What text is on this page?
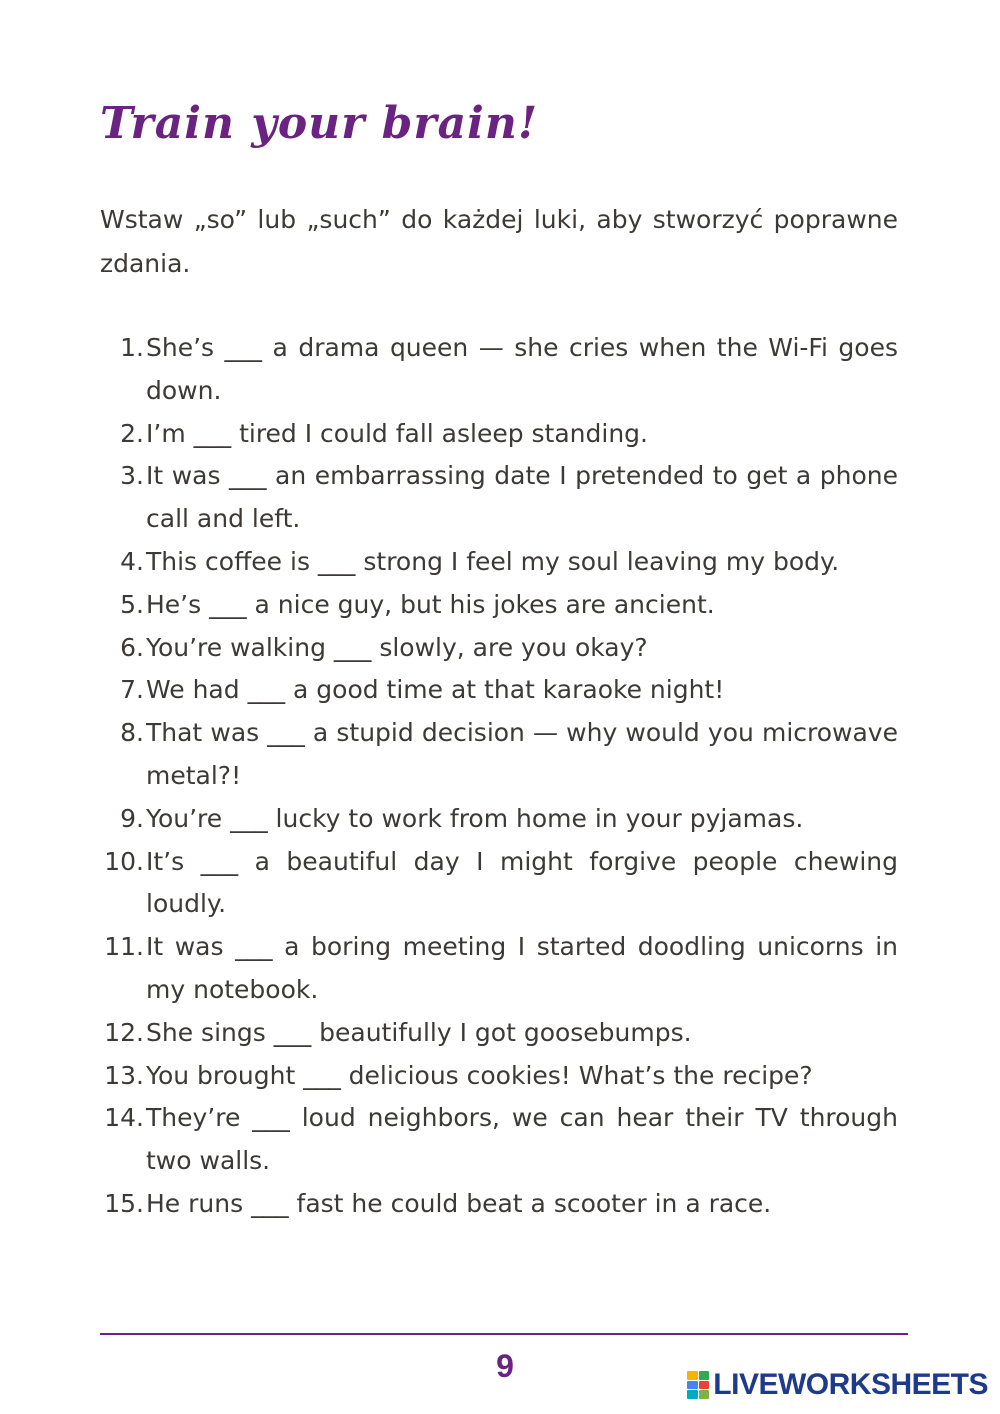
Train your brain!

Wstaw „so” lub „such” do każdej luki, aby stworzyć poprawne zdania.

1. She’s ___ a drama queen — she cries when the Wi-Fi goes down.
2. I’m ___ tired I could fall asleep standing.
3. It was ___ an embarrassing date I pretended to get a phone call and left.
4. This coffee is ___ strong I feel my soul leaving my body.
5. He’s ___ a nice guy, but his jokes are ancient.
6. You’re walking ___ slowly, are you okay?
7. We had ___ a good time at that karaoke night!
8. That was ___ a stupid decision — why would you microwave metal?!
9. You’re ___ lucky to work from home in your pyjamas.
10. It’s ___ a beautiful day I might forgive people chewing loudly.
11. It was ___ a boring meeting I started doodling unicorns in my notebook.
12. She sings ___ beautifully I got goosebumps.
13. You brought ___ delicious cookies! What’s the recipe?
14. They’re ___ loud neighbors, we can hear their TV through two walls.
15. He runs ___ fast he could beat a scooter in a race.
9
LIVEWORKSHEETS
